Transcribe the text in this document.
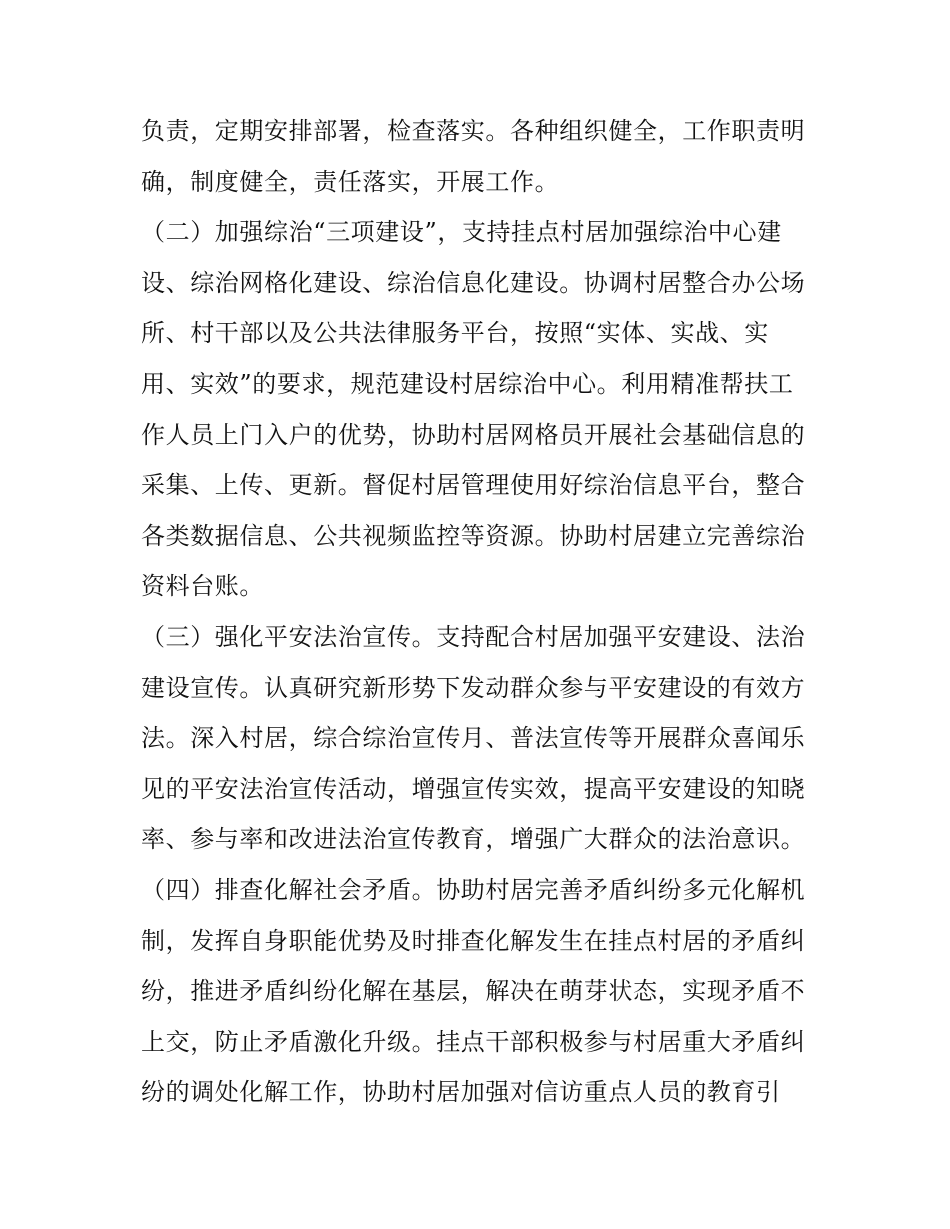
负责，定期安排部署，检查落实。各种组织健全，工作职责明
确，制度健全，责任落实，开展工作。
（二）加强综治“三项建设”，支持挂点村居加强综治中心建
设、综治网格化建设、综治信息化建设。协调村居整合办公场
所、村干部以及公共法律服务平台，按照“实体、实战、实
用、实效”的要求，规范建设村居综治中心。利用精准帮扶工
作人员上门入户的优势，协助村居网格员开展社会基础信息的
采集、上传、更新。督促村居管理使用好综治信息平台，整合
各类数据信息、公共视频监控等资源。协助村居建立完善综治
资料台账。
（三）强化平安法治宣传。支持配合村居加强平安建设、法治
建设宣传。认真研究新形势下发动群众参与平安建设的有效方
法。深入村居，综合综治宣传月、普法宣传等开展群众喜闻乐
见的平安法治宣传活动，增强宣传实效，提高平安建设的知晓
率、参与率和改进法治宣传教育，增强广大群众的法治意识。
（四）排查化解社会矛盾。协助村居完善矛盾纠纷多元化解机
制，发挥自身职能优势及时排查化解发生在挂点村居的矛盾纠
纷，推进矛盾纠纷化解在基层，解决在萌芽状态，实现矛盾不
上交，防止矛盾激化升级。挂点干部积极参与村居重大矛盾纠
纷的调处化解工作，协助村居加强对信访重点人员的教育引
